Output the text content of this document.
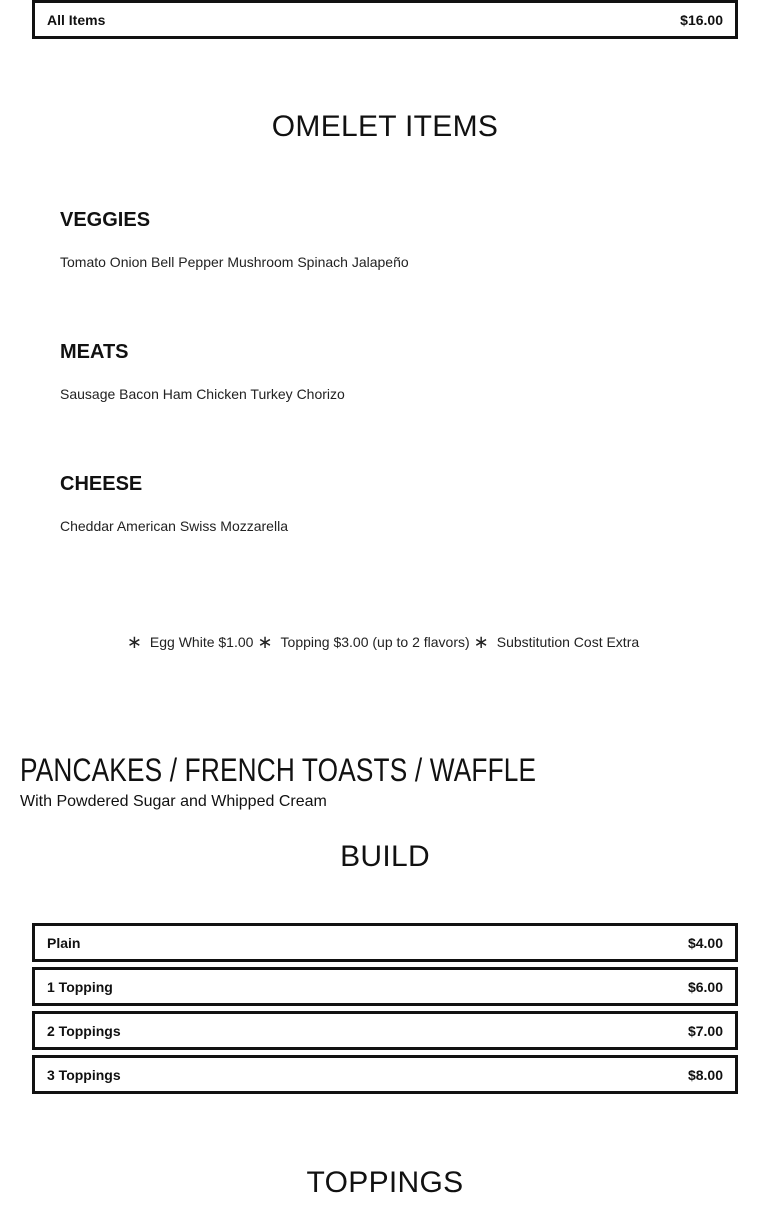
All Items	$16.00
OMELET ITEMS
VEGGIES
Tomato Onion Bell Pepper Mushroom Spinach Jalapeño
MEATS
Sausage Bacon Ham Chicken Turkey Chorizo
CHEESE
Cheddar American Swiss Mozzarella
∗ Egg White $1.00 ∗ Topping $3.00 (up to 2 flavors) ∗ Substitution Cost Extra
PANCAKES / FRENCH TOASTS / WAFFLE
With Powdered Sugar and Whipped Cream
BUILD
Plain	$4.00
1 Topping	$6.00
2 Toppings	$7.00
3 Toppings	$8.00
TOPPINGS
